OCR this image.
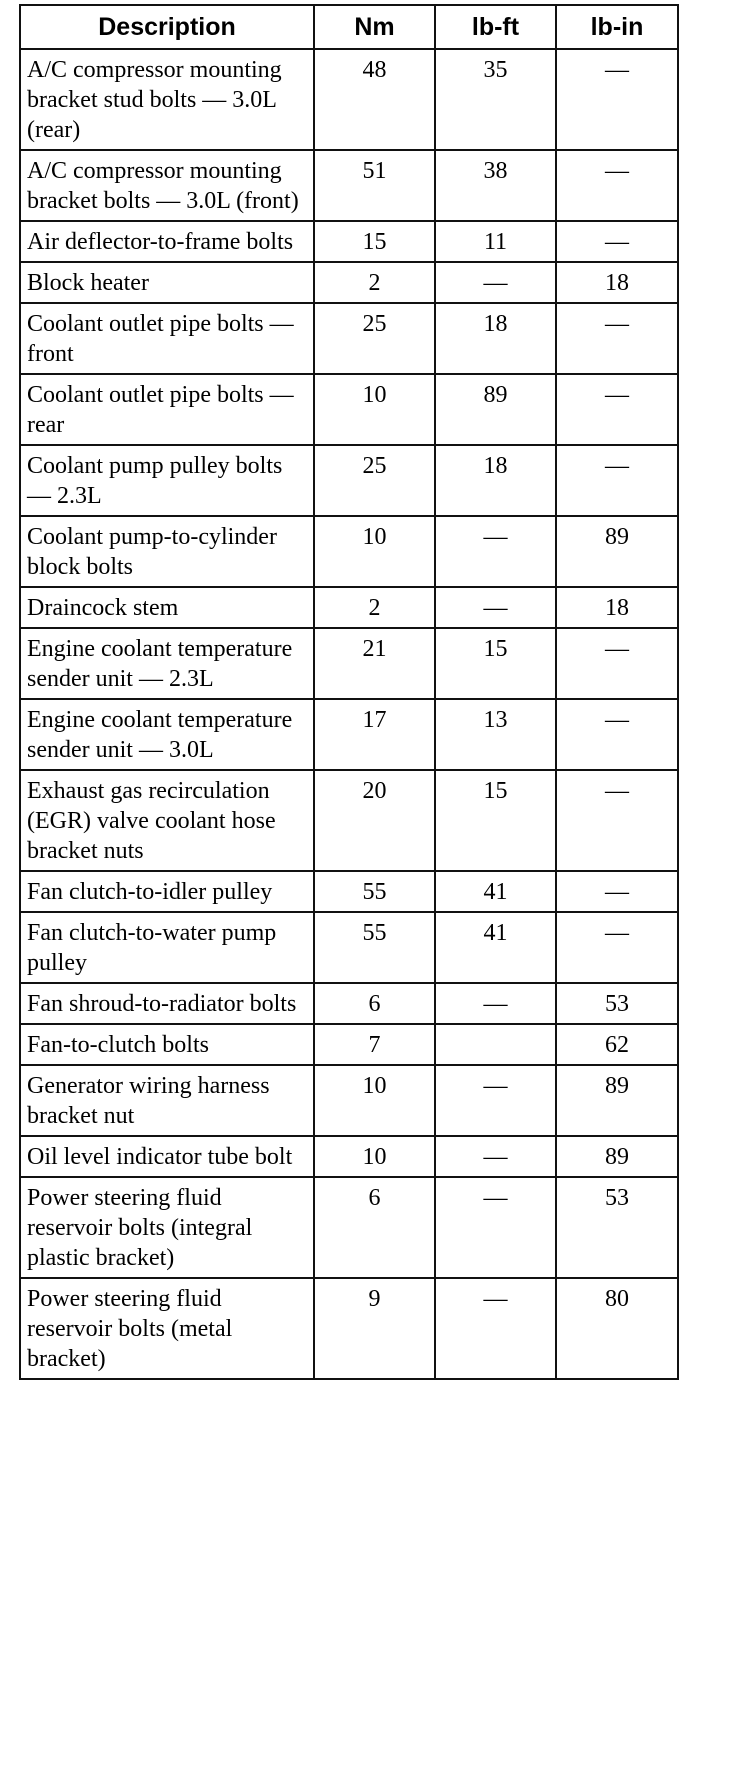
Description	Nm	lb-ft	lb-in
A/C compressor mounting bracket stud bolts — 3.0L (rear)	48	35	—
A/C compressor mounting bracket bolts — 3.0L (front)	51	38	—
Air deflector-to-frame bolts	15	11	—
Block heater	2	—	18
Coolant outlet pipe bolts — front	25	18	—
Coolant outlet pipe bolts — rear	10	89	—
Coolant pump pulley bolts — 2.3L	25	18	—
Coolant pump-to-cylinder block bolts	10	—	89
Draincock stem	2	—	18
Engine coolant temperature sender unit — 2.3L	21	15	—
Engine coolant temperature sender unit — 3.0L	17	13	—
Exhaust gas recirculation (EGR) valve coolant hose bracket nuts	20	15	—
Fan clutch-to-idler pulley	55	41	—
Fan clutch-to-water pump pulley	55	41	—
Fan shroud-to-radiator bolts	6	—	53
Fan-to-clutch bolts	7		62
Generator wiring harness bracket nut	10	—	89
Oil level indicator tube bolt	10	—	89
Power steering fluid reservoir bolts (integral plastic bracket)	6	—	53
Power steering fluid reservoir bolts (metal bracket)	9	—	80
